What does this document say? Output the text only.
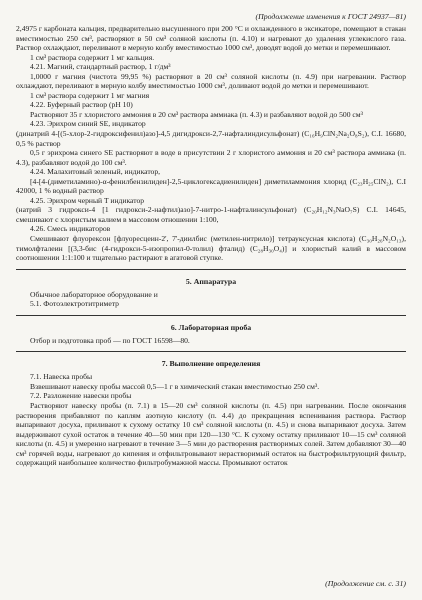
(Продолжение изменения к ГОСТ 24937—81)

2,4975 г карбоната кальция, предварительно высушенного при 200 °С и охлажденного в эксикаторе, помещают в стакан вместимостью 250 см³, растворяют в 50 см³ соляной кислоты (п. 4.10) и нагревают до удаления углекислого газа. Раствор охлаждают, переливают в мерную колбу вместимостью 1000 см³, доводят водой до метки и перемешивают.

1 см³ раствора содержит 1 мг кальция.

4.21. Магний, стандартный раствор, 1 г/дм³

1,0000 г магния (чистота 99,95 %) растворяют в 20 см³ соляной кислоты (п. 4.9) при нагревании. Раствор охлаждают, переливают в мерную колбу вместимостью 1000 см³, доливают водой до метки и перемешивают.

1 см³ раствора содержит 1 мг магния

4.22. Буферный раствор (pH 10)

Растворяют 35 г хлористого аммония в 20 см³ раствора аммиака (п. 4.3) и разбавляют водой до 500 см³

4.23. Эрихром синий SE, индикатор

(динатрий 4-[(5-хлор-2-гидроксифенил)азо]-4,5 дигидрокси-2,7-нафталиндисульфонат) (C₁₆H₉ClN₂Na₂O₈S₂), C.I. 16680, 0,5 % раствор

0,5 г эрихрома синего SE растворяют в воде в присутствии 2 г хлористого аммония и 20 см³ раствора аммиака (п. 4.3), разбавляют водой до 100 см³.

4.24. Малахитовый зеленый, индикатор,

[4-[4-(диметиламино)-α-фенилбензилиден]-2,5-циклогексадиенилиден] диметиламмония хлорид (C₂₃H₂₅ClN₂), C.I 42000, 1 % водный раствор

4.25. Эрихром черный T индикатор

(натрий 3 гидрокси-4 [1 гидрокси-2-нафтил)азо]-7-нитро-1-нафталинсульфонат) (C₂₀H₁₂N₃NaO₇S) C.I. 14645, смешивают с хлористым калием в массовом отношении 1:100,

4.26. Смесь индикаторов

Смешивают флуорексон [флуоресцеин-2', 7'-диилбис (метилен-нитрило)] тетрауксусная кислота) (C₃₀H₂₆N₂O₁₃), тимолфталеин [(3,3-бис (4-гидрокси-5-изопропил-0-толил) фталид) (C₂₈H₃₀O₄)] и хлористый калий в массовом соотношении 1:1:100 и тщательно растирают в агатовой ступке.

5. Аппаратура

Обычное лабораторное оборудование и

5.1. Фотоэлектротитриметр

6. Лабораторная проба

Отбор и подготовка проб — по ГОСТ 16598—80.

7. Выполнение определения

7.1. Навеска пробы

Взвешивают навеску пробы массой 0,5—1 г в химический стакан вместимостью 250 см³.

7.2. Разложение навески пробы

Растворяют навеску пробы (п. 7.1) в 15—20 см³ соляной кислоты (п. 4.5) при нагревании. После окончания растворения прибавляют по каплям азотную кислоту (п. 4.4) до прекращения вспенивания раствора. Раствор выпаривают досуха, приливают к сухому остатку 10 см³ соляной кислоты (п. 4.5) и снова выпаривают досуха. Затем выдерживают сухой остаток в течение 40—50 мин при 120—130 °С. К сухому остатку приливают 10—15 см³ соляной кислоты (п. 4.5) и умеренно нагревают в течение 3—5 мин до растворения растворимых солей. Затем добавляют 30—40 см³ горячей воды, нагревают до кипения и отфильтровывают нерастворимый остаток на быстрофильтрующий фильтр, содержащий наибольшее количество фильтробумажной массы. Промывают остаток

(Продолжение см. с. 31)
